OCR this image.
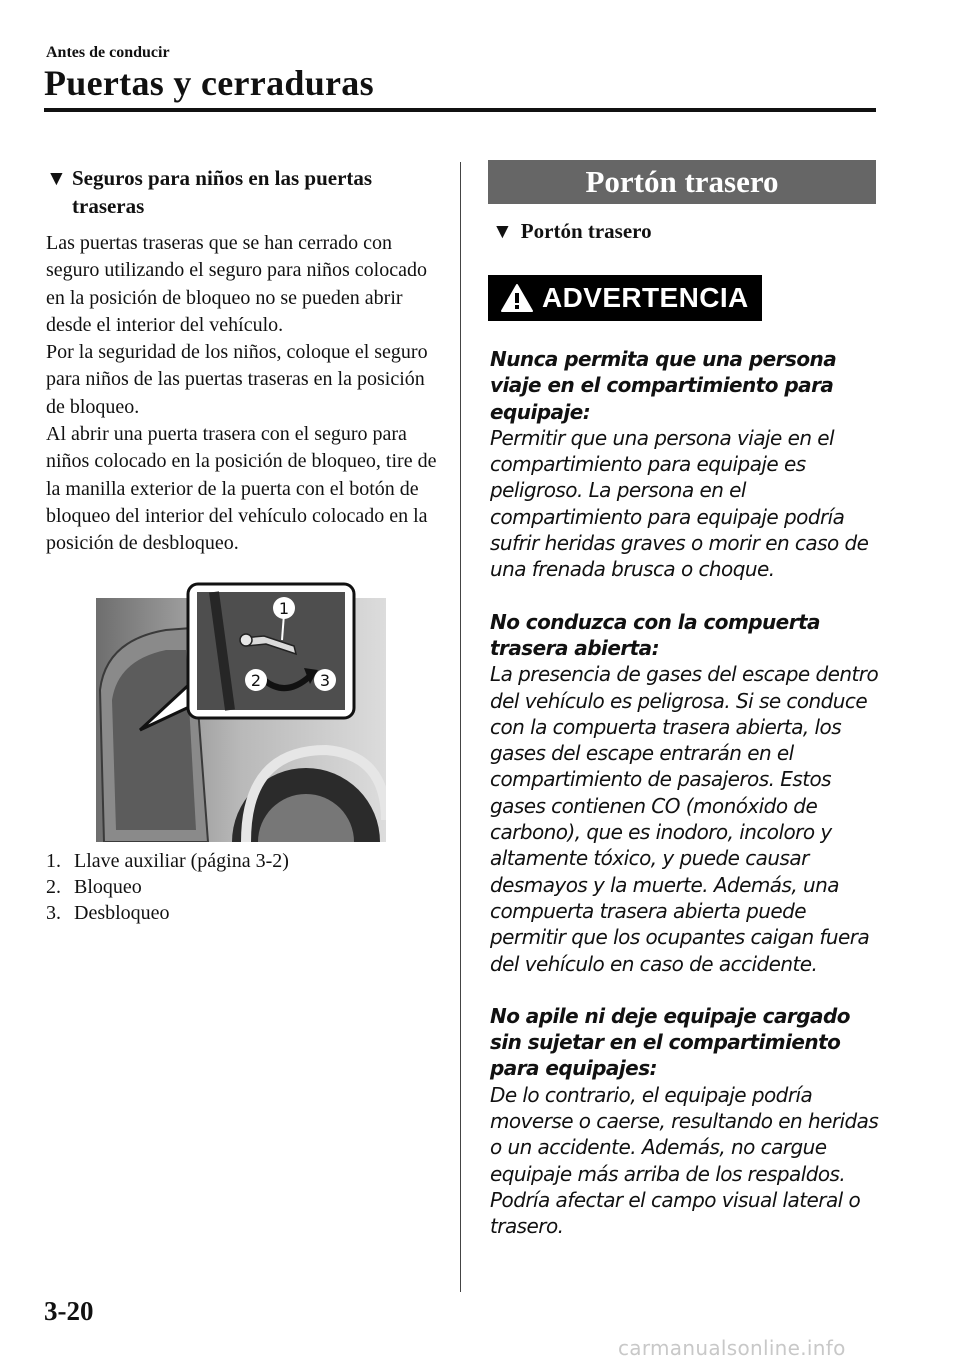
Antes de conducir
Puertas y cerraduras
▼ Seguros para niños en las puertas traseras

Las puertas traseras que se han cerrado con seguro utilizando el seguro para niños colocado en la posición de bloqueo no se pueden abrir desde el interior del vehículo.

Por la seguridad de los niños, coloque el seguro para niños de las puertas traseras en la posición de bloqueo.

Al abrir una puerta trasera con el seguro para niños colocado en la posición de bloqueo, tire de la manilla exterior de la puerta con el botón de bloqueo del interior del vehículo colocado en la posición de desbloqueo.

1
2	3
1. Llave auxiliar (página 3-2)
2. Bloqueo
3. Desbloqueo
Portón trasero
▼ Portón trasero
ADVERTENCIA
Nunca permita que una persona viaje en el compartimiento para equipaje:
Permitir que una persona viaje en el compartimiento para equipaje es peligroso. La persona en el compartimiento para equipaje podría sufrir heridas graves o morir en caso de una frenada brusca o choque.
No conduzca con la compuerta trasera abierta:
La presencia de gases del escape dentro del vehículo es peligrosa. Si se conduce con la compuerta trasera abierta, los gases del escape entrarán en el compartimiento de pasajeros. Estos gases contienen CO (monóxido de carbono), que es inodoro, incoloro y altamente tóxico, y puede causar desmayos y la muerte. Además, una compuerta trasera abierta puede permitir que los ocupantes caigan fuera del vehículo en caso de accidente.
No apile ni deje equipaje cargado sin sujetar en el compartimiento para equipajes:
De lo contrario, el equipaje podría moverse o caerse, resultando en heridas o un accidente. Además, no cargue equipaje más arriba de los respaldos. Podría afectar el campo visual lateral o trasero.
3-20
carmanualsonline.info
